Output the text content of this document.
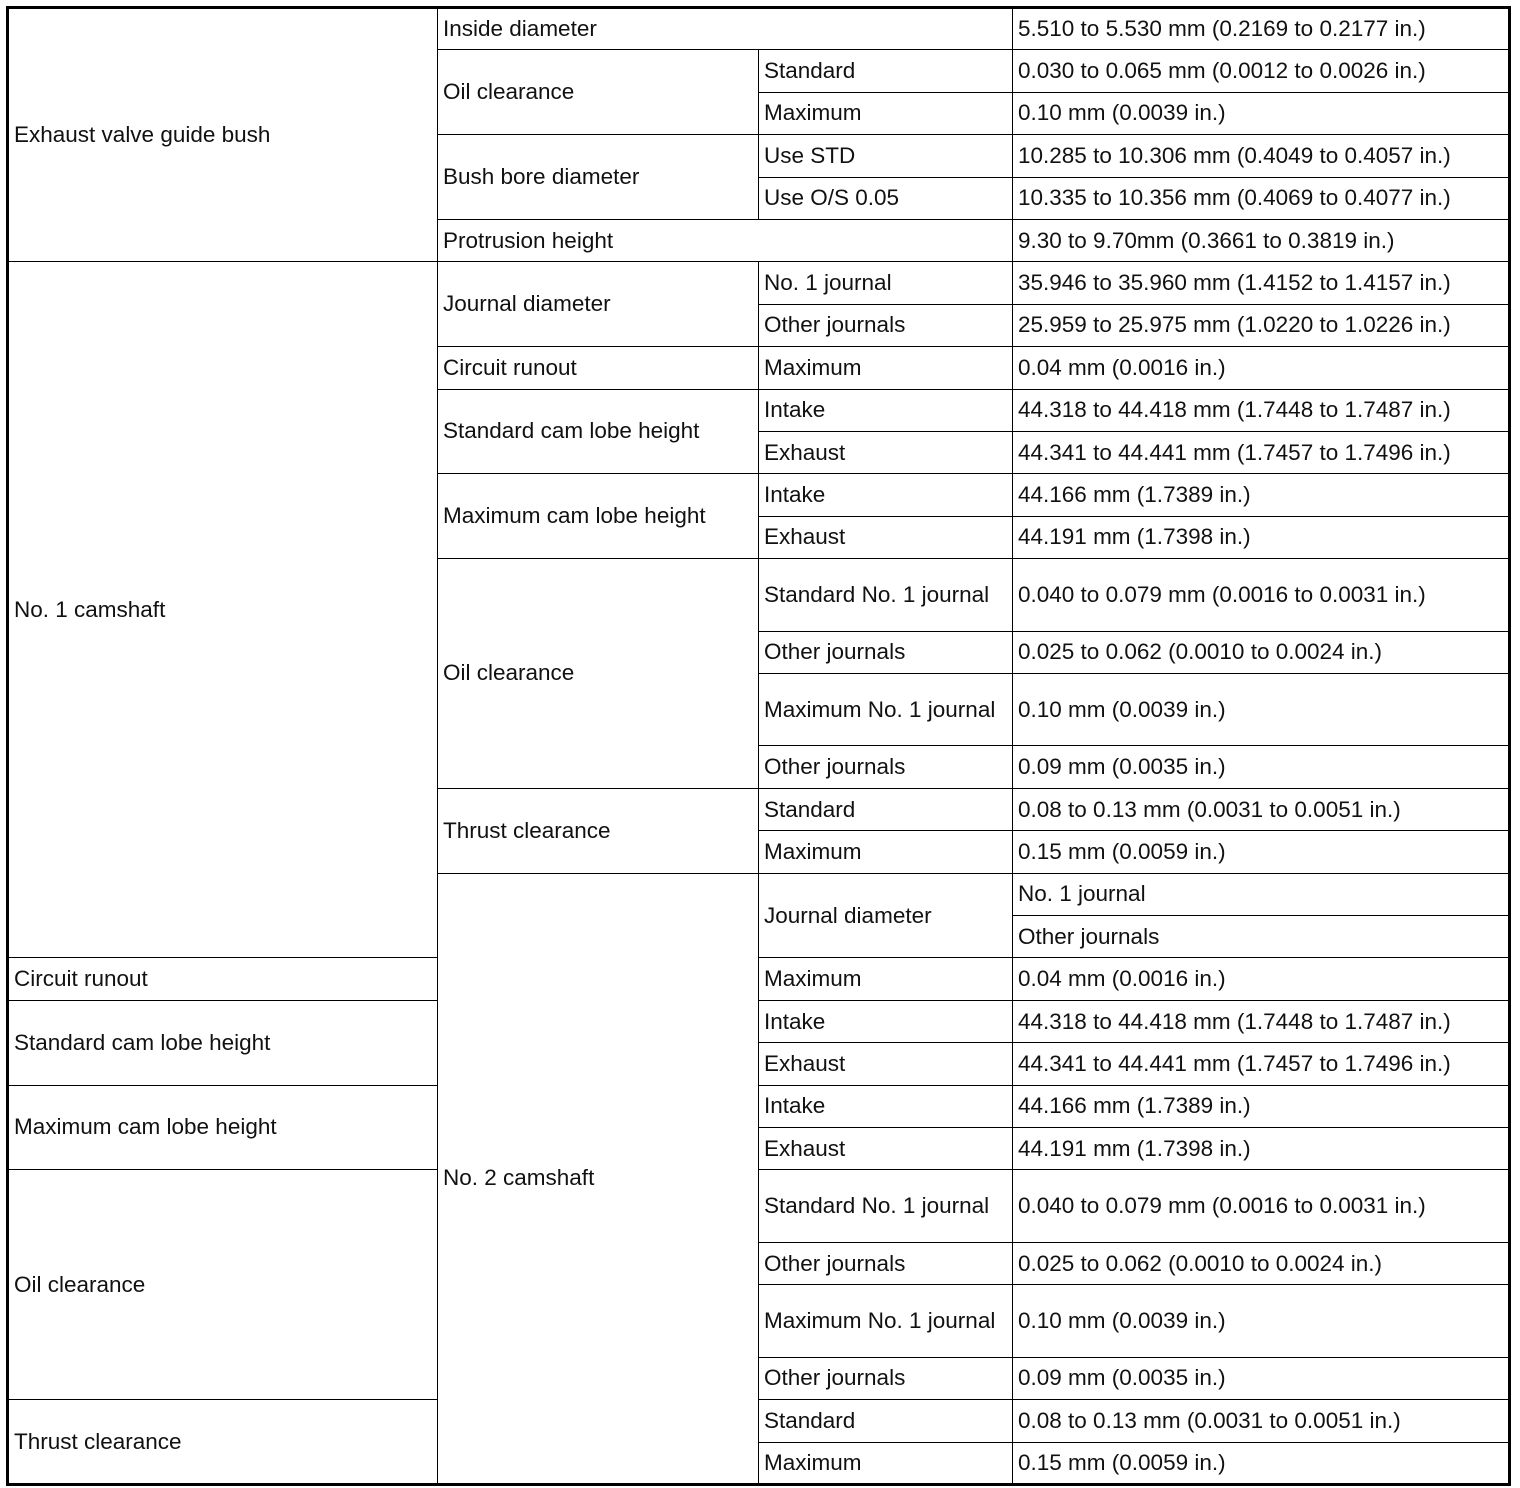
Exhaust valve guide bush	Inside diameter		5.510 to 5.530 mm (0.2169 to 0.2177 in.)	
	Oil clearance	Standard	0.030 to 0.065 mm (0.0012 to 0.0026 in.)	
		Maximum	0.10 mm (0.0039 in.)	
	Bush bore diameter	Use STD	10.285 to 10.306 mm (0.4049 to 0.4057 in.)	
		Use O/S 0.05	10.335 to 10.356 mm (0.4069 to 0.4077 in.)	
	Protrusion height		9.30 to 9.70mm (0.3661 to 0.3819 in.)	
No. 1 camshaft	Journal diameter	No. 1 journal	35.946 to 35.960 mm (1.4152 to 1.4157 in.)	
		Other journals	25.959 to 25.975 mm (1.0220 to 1.0226 in.)	
	Circuit runout	Maximum	0.04 mm (0.0016 in.)	
	Standard cam lobe height	Intake	44.318 to 44.418 mm (1.7448 to 1.7487 in.)	
		Exhaust	44.341 to 44.441 mm (1.7457 to 1.7496 in.)	
	Maximum cam lobe height	Intake	44.166 mm (1.7389 in.)	
		Exhaust	44.191 mm (1.7398 in.)	
	Oil clearance	Standard No. 1 journal	0.040 to 0.079 mm (0.0016 to 0.0031 in.)	
		Other journals	0.025 to 0.062 (0.0010 to 0.0024 in.)	
		Maximum No. 1 journal	0.10 mm (0.0039 in.)	
		Other journals	0.09 mm (0.0035 in.)	
	Thrust clearance	Standard	0.08 to 0.13 mm (0.0031 to 0.0051 in.)	
		Maximum	0.15 mm (0.0059 in.)	
	No. 2 camshaft	Journal diameter	No. 1 journal	
			Other journals	
Circuit runout		Maximum	0.04 mm (0.0016 in.)	
Standard cam lobe height		Intake	44.318 to 44.418 mm (1.7448 to 1.7487 in.)	
		Exhaust	44.341 to 44.441 mm (1.7457 to 1.7496 in.)	
Maximum cam lobe height		Intake	44.166 mm (1.7389 in.)	
		Exhaust	44.191 mm (1.7398 in.)	
Oil clearance		Standard No. 1 journal	0.040 to 0.079 mm (0.0016 to 0.0031 in.)	
		Other journals	0.025 to 0.062 (0.0010 to 0.0024 in.)	
		Maximum No. 1 journal	0.10 mm (0.0039 in.)	
		Other journals	0.09 mm (0.0035 in.)	
Thrust clearance		Standard	0.08 to 0.13 mm (0.0031 to 0.0051 in.)	
		Maximum	0.15 mm (0.0059 in.)	
